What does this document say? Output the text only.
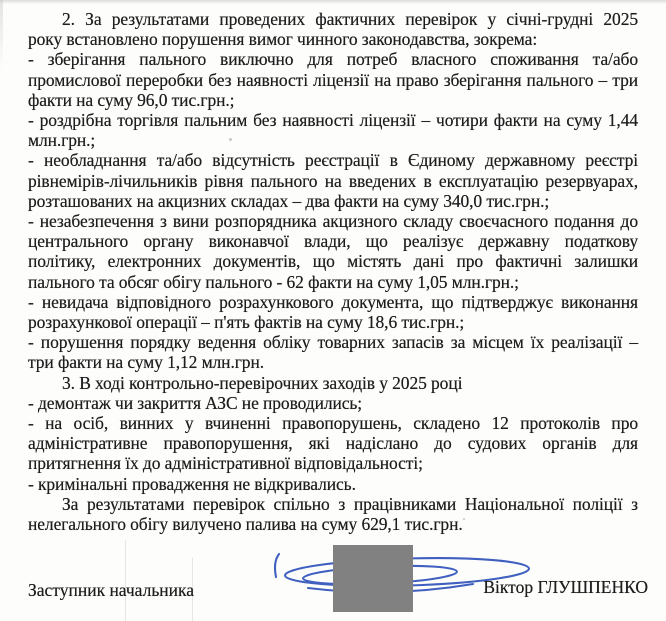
2. За результатами проведених фактичних перевірок у січні-грудні 2025
року встановлено порушення вимог чинного законодавства, зокрема:
- зберігання пального виключно для потреб власного споживання та/або
промислової переробки без наявності ліцензії на право зберігання пального – три
факти на суму 96,0 тис.грн.;
- роздрібна торгівля пальним без наявності ліцензії – чотири факти на суму 1,44
млн.грн.;
- необладнання та/або відсутність реєстрації в Єдиному державному реєстрі
рівнемірів-лічильників рівня пального на введених в експлуатацію резервуарах,
розташованих на акцизних складах – два факти на суму 340,0 тис.грн.;
- незабезпечення з вини розпорядника акцизного складу своєчасного подання до
центрального органу виконавчої влади, що реалізує державну податкову
політику, електронних документів, що містять дані про фактичні залишки
пального та обсяг обігу пального - 62 факти на суму 1,05 млн.грн.;
- невидача відповідного розрахункового документа, що підтверджує виконання
розрахункової операції – п'ять фактів на суму 18,6 тис.грн.;
- порушення порядку ведення обліку товарних запасів за місцем їх реалізації –
три факти на суму 1,12 млн.грн.
3. В ході контрольно-перевірочних заходів у 2025 році
- демонтаж чи закриття АЗС не проводились;
- на осіб, винних у вчиненні правопорушень, складено 12 протоколів про
адміністративне правопорушення, які надіслано до судових органів для
притягнення їх до адміністративної відповідальності;
- кримінальні провадження не відкривались.
За результатами перевірок спільно з працівниками Національної поліції з
нелегального обігу вилучено палива на суму 629,1 тис.грн.
Заступник начальника	Віктор ГЛУШПЕНКО
